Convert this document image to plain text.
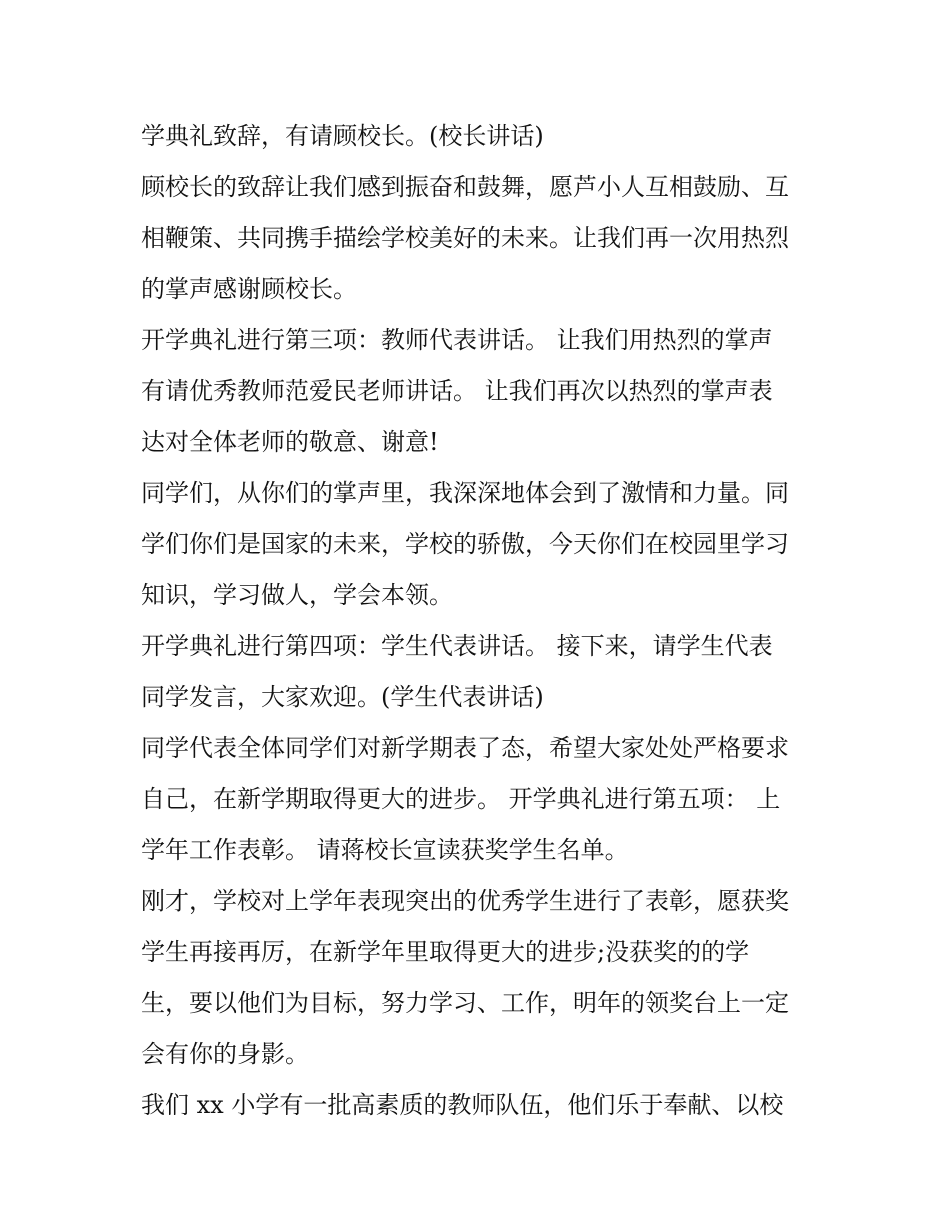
学典礼致辞，有请顾校长。(校长讲话)
顾校长的致辞让我们感到振奋和鼓舞，愿芦小人互相鼓励、互
相鞭策、共同携手描绘学校美好的未来。让我们再一次用热烈
的掌声感谢顾校长。
开学典礼进行第三项：教师代表讲话。 让我们用热烈的掌声
有请优秀教师范爱民老师讲话。 让我们再次以热烈的掌声表
达对全体老师的敬意、谢意!
同学们，从你们的掌声里，我深深地体会到了激情和力量。同
学们你们是国家的未来，学校的骄傲，今天你们在校园里学习
知识，学习做人，学会本领。
开学典礼进行第四项：学生代表讲话。 接下来，请学生代表
同学发言，大家欢迎。(学生代表讲话)
同学代表全体同学们对新学期表了态，希望大家处处严格要求
自己，在新学期取得更大的进步。 开学典礼进行第五项： 上
学年工作表彰。 请蒋校长宣读获奖学生名单。
刚才，学校对上学年表现突出的优秀学生进行了表彰，愿获奖
学生再接再厉，在新学年里取得更大的进步;没获奖的的学
生，要以他们为目标，努力学习、工作，明年的领奖台上一定
会有你的身影。
我们 xx 小学有一批高素质的教师队伍，他们乐于奉献、以校
